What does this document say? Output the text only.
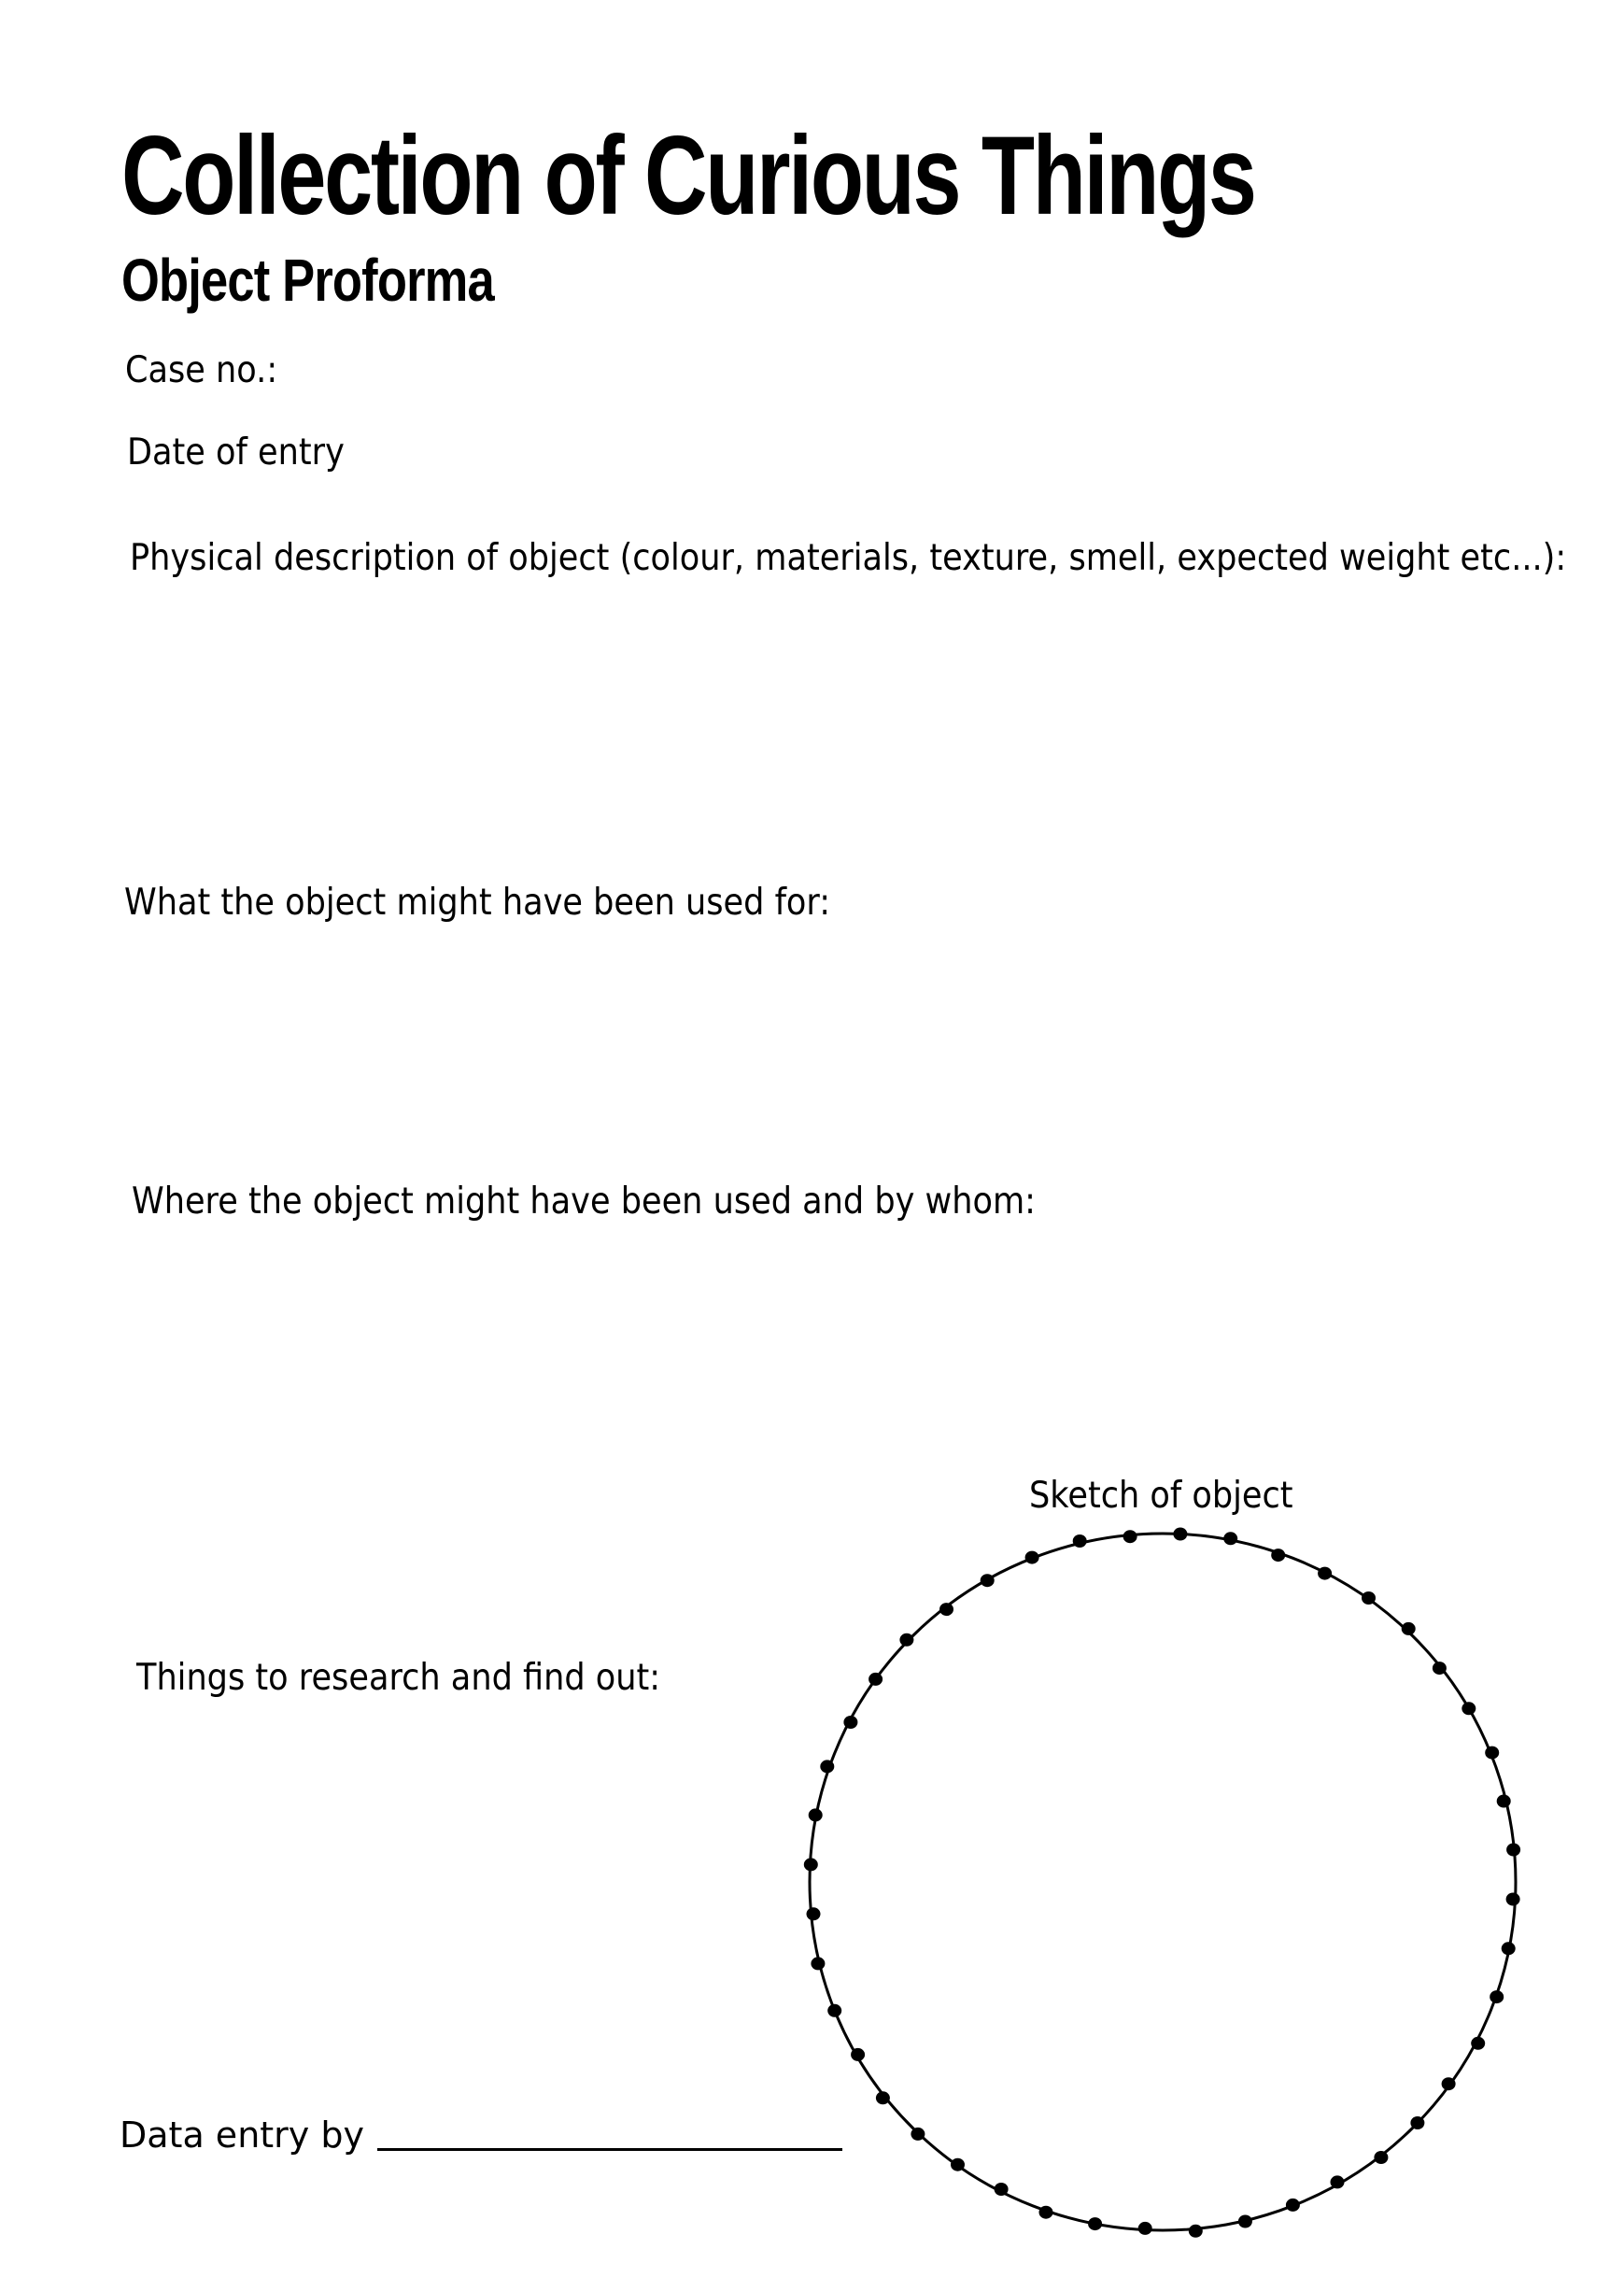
Collection of Curious Things
Object Proforma

Case no.:

Date of entry

Physical description of object (colour, materials, texture, smell, expected weight etc...):

What the object might have been used for:

Where the object might have been used and by whom:

Things to research and find out:

Sketch of object

Data entry by
